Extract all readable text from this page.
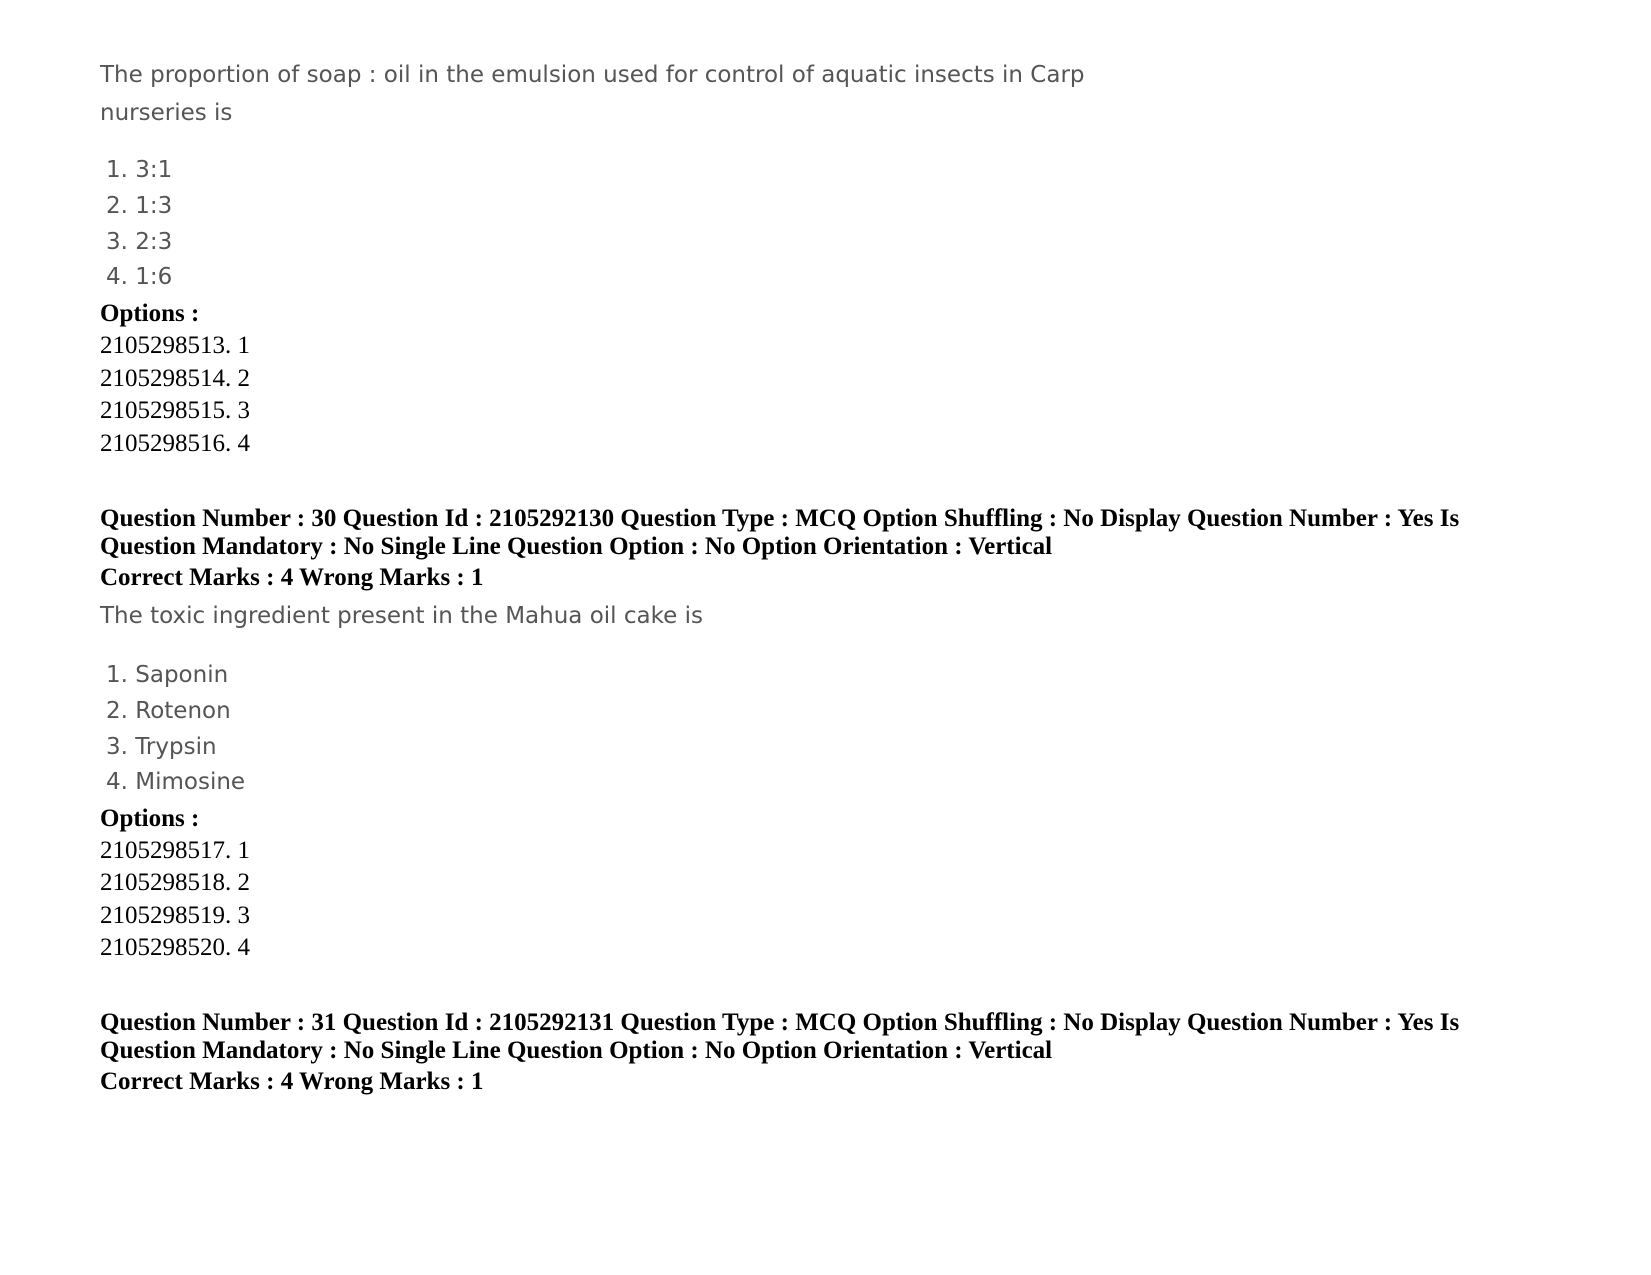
The proportion of soap : oil in the emulsion used for control of aquatic insects in Carp nurseries is
1. 3:1
2. 1:3
3. 2:3
4. 1:6
Options :
2105298513. 1
2105298514. 2
2105298515. 3
2105298516. 4
Question Number : 30 Question Id : 2105292130 Question Type : MCQ Option Shuffling : No Display Question Number : Yes Is Question Mandatory : No Single Line Question Option : No Option Orientation : Vertical
Correct Marks : 4 Wrong Marks : 1
The toxic ingredient present in the Mahua oil cake is
1. Saponin
2. Rotenon
3. Trypsin
4. Mimosine
Options :
2105298517. 1
2105298518. 2
2105298519. 3
2105298520. 4
Question Number : 31 Question Id : 2105292131 Question Type : MCQ Option Shuffling : No Display Question Number : Yes Is Question Mandatory : No Single Line Question Option : No Option Orientation : Vertical
Correct Marks : 4 Wrong Marks : 1
